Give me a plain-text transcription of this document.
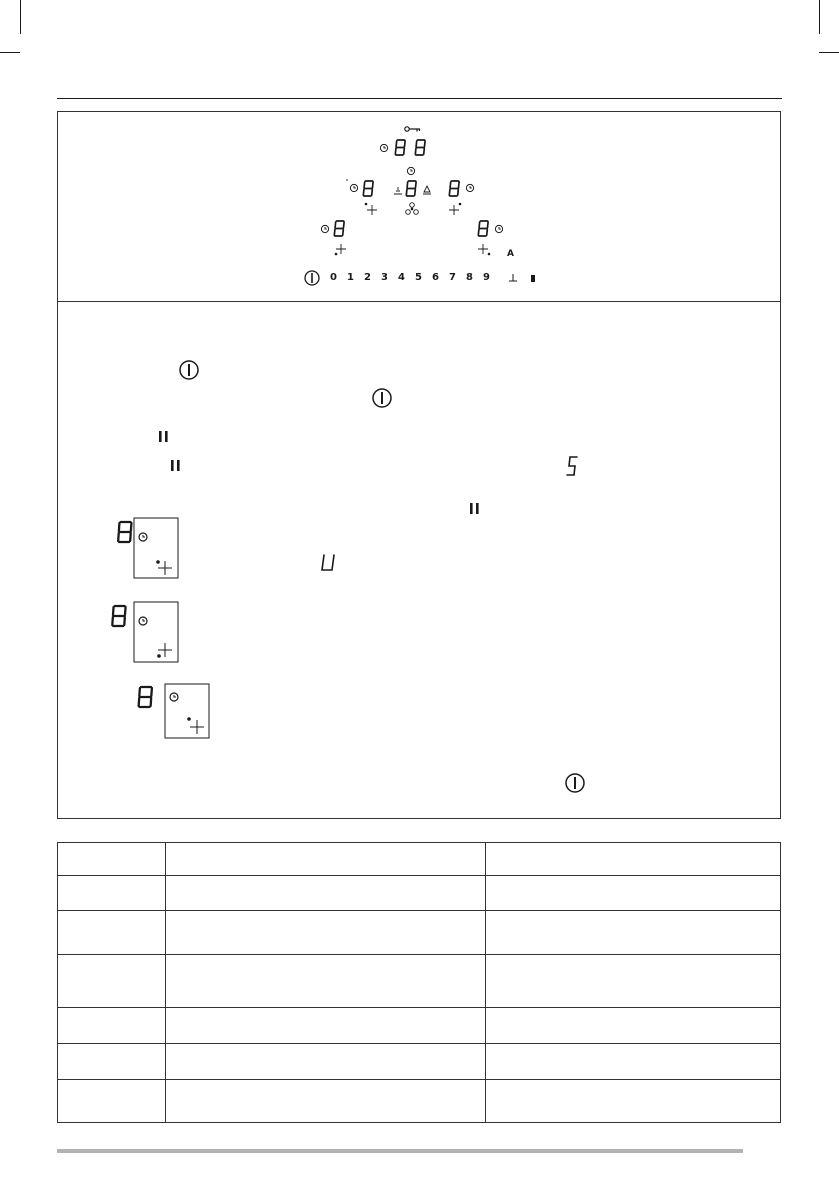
0 1 2 3 4 5 6 7 8 9
A
